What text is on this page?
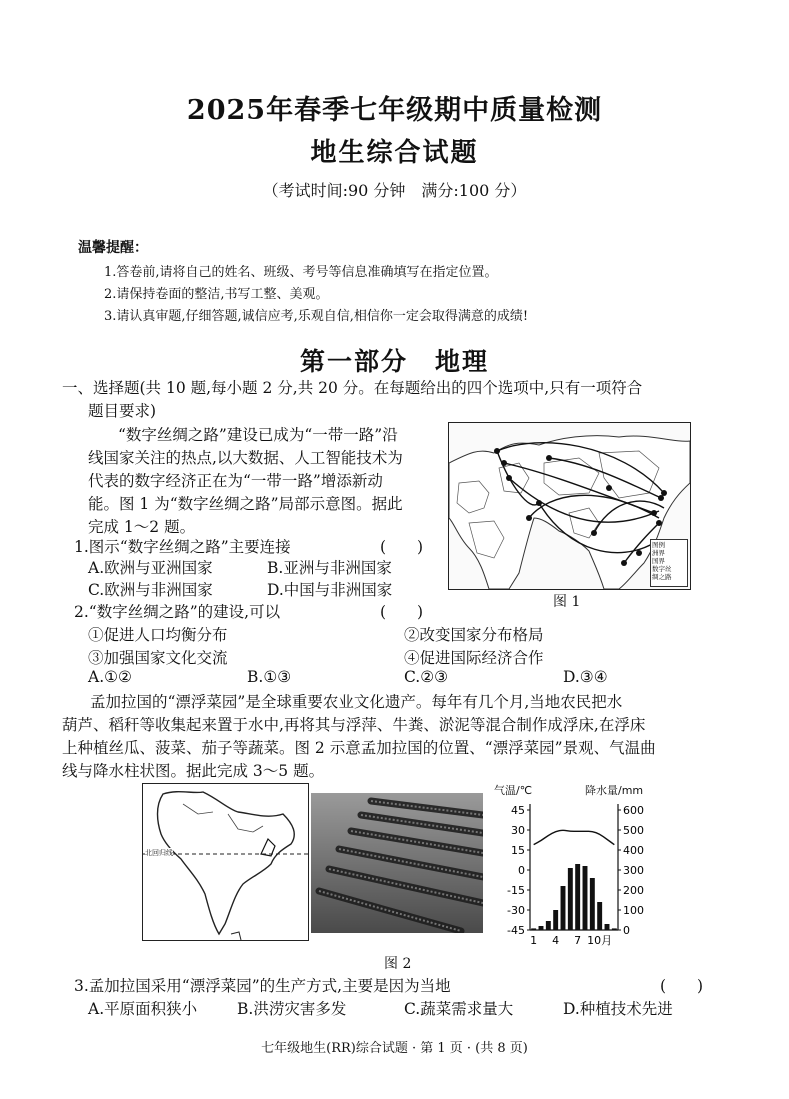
2025年春季七年级期中质量检测
地生综合试题
（考试时间:90 分钟　满分:100 分）
温馨提醒：
1.答卷前,请将自己的姓名、班级、考号等信息准确填写在指定位置。
2.请保持卷面的整洁,书写工整、美观。
3.请认真审题,仔细答题,诚信应考,乐观自信,相信你一定会取得满意的成绩!
第一部分　地理
一、选择题(共 10 题,每小题 2 分,共 20 分。在每题给出的四个选项中,只有一项符合
题目要求)
“数字丝绸之路”建设已成为“一带一路”沿
线国家关注的热点,以大数据、人工智能技术为
代表的数字经济正在为“一带一路”增添新动
能。图 1 为“数字丝绸之路”局部示意图。据此
完成 1～2 题。
图例
洲界
国界
数字丝
绸之路
图 1
1.图示“数字丝绸之路”主要连接	(　　)
A.欧洲与亚洲国家	B.亚洲与非洲国家
C.欧洲与非洲国家	D.中国与非洲国家
2.“数字丝绸之路”的建设,可以	(　　)
①促进人口均衡分布	②改变国家分布格局
③加强国家文化交流	④促进国际经济合作
A.①②	B.①③	C.②③	D.③④
孟加拉国的“漂浮菜园”是全球重要农业文化遗产。每年有几个月,当地农民把水
葫芦、稻秆等收集起来置于水中,再将其与浮萍、牛粪、淤泥等混合制作成浮床,在浮床
上种植丝瓜、菠菜、茄子等蔬菜。图 2 示意孟加拉国的位置、“漂浮菜园”景观、气温曲
线与降水柱状图。据此完成 3～5 题。
北回归线
气温/℃	降水量/mm
45
30
15
0
-15
-30
-45
600
500
400
300
200
100
0
1 4 7 10月
图 2
3.孟加拉国采用“漂浮菜园”的生产方式,主要是因为当地	(　　)
A.平原面积狭小	B.洪涝灾害多发	C.蔬菜需求量大	D.种植技术先进
七年级地生(RR)综合试题 · 第 1 页 · (共 8 页)
